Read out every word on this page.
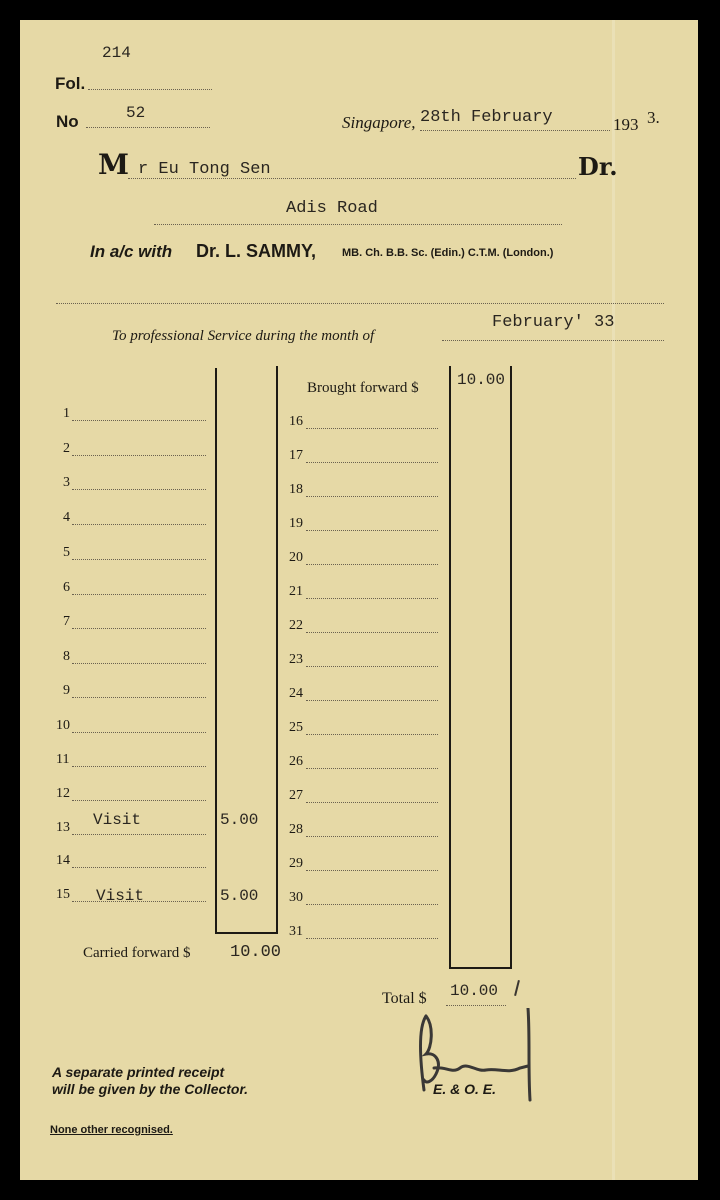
214
Fol.
No	52	Singapore, 28th February	193 3.
M r Eu Tong Sen	Dr.
Adis Road
In a/c with Dr. L. SAMMY, MB. Ch. B.B. Sc. (Edin.) C.T.M. (London.)
To professional Service during the month of
February' 33
Brought forward $ 10.00
1
2
3
4
5
6
7
8
9
10
11
12
13 Visit	5.00
14
15 Visit	5.00
16
17
18
19
20
21
22
23
24
25
26
27
28
29
30
31
Carried forward $ 10.00
Total $ 10.00
A separate printed receipt
will be given by the Collector.	E. & O. E.
None other recognised.
